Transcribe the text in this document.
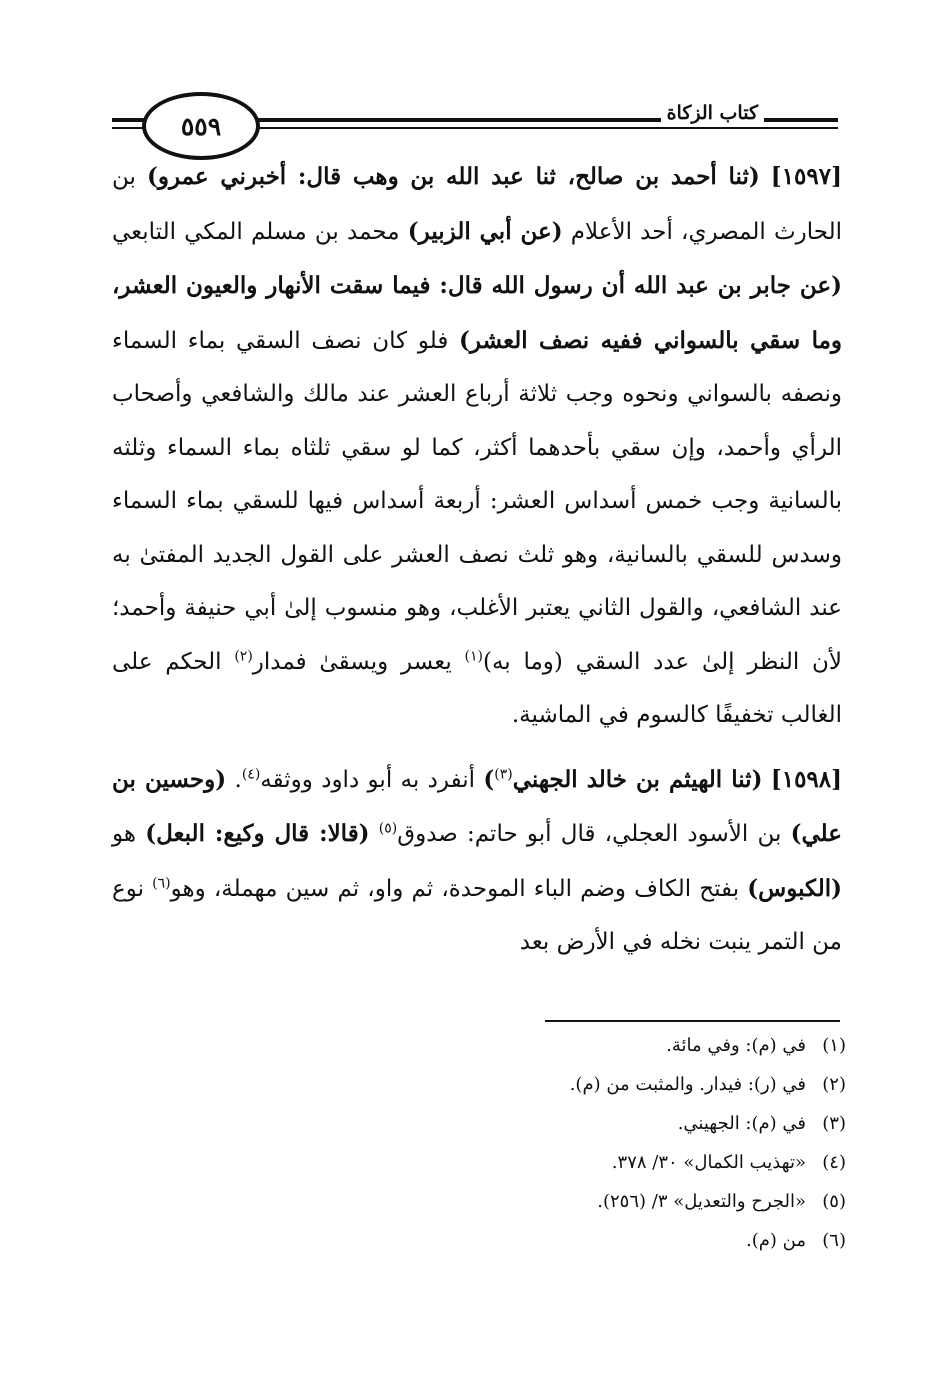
٥٥٩	كتاب الزكاة

[١٥٩٧] (ثنا أحمد بن صالح، ثنا عبد الله بن وهب قال: أخبرني عمرو) بن الحارث المصري، أحد الأعلام (عن أبي الزبير) محمد بن مسلم المكي التابعي (عن جابر بن عبد الله أن رسول الله قال: فيما سقت الأنهار والعيون العشر، وما سقي بالسواني ففيه نصف العشر) فلو كان نصف السقي بماء السماء ونصفه بالسواني ونحوه وجب ثلاثة أرباع العشر عند مالك والشافعي وأصحاب الرأي وأحمد، وإن سقي بأحدهما أكثر، كما لو سقي ثلثاه بماء السماء وثلثه بالسانية وجب خمس أسداس العشر: أربعة أسداس فيها للسقي بماء السماء وسدس للسقي بالسانية، وهو ثلث نصف العشر على القول الجديد المفتىٰ به عند الشافعي، والقول الثاني يعتبر الأغلب، وهو منسوب إلىٰ أبي حنيفة وأحمد؛ لأن النظر إلىٰ عدد السقي (وما به)$^{(١)}$ يعسر ويسقىٰ فمدار$^{(٢)}$ الحكم على الغالب تخفيفًا كالسوم في الماشية.

[١٥٩٨] (ثنا الهيثم بن خالد الجهني$^{(٣)}$) أنفرد به أبو داود ووثقه$^{(٤)}$. (وحسين بن علي) بن الأسود العجلي، قال أبو حاتم: صدوق$^{(٥)}$ (قالا: قال وكيع: البعل) هو (الكبوس) بفتح الكاف وضم الباء الموحدة، ثم واو، ثم سين مهملة، وهو$^{(٦)}$ نوع من التمر ينبت نخله في الأرض بعد

(١)في (م): وفي مائة.
(٢)في (ر): فيدار. والمثبت من (م).
(٣)في (م): الجهيني.
(٤)«تهذيب الكمال» ٣٠/ ٣٧٨.
(٥)«الجرح والتعديل» ٣/ (٢٥٦).
(٦)من (م).
